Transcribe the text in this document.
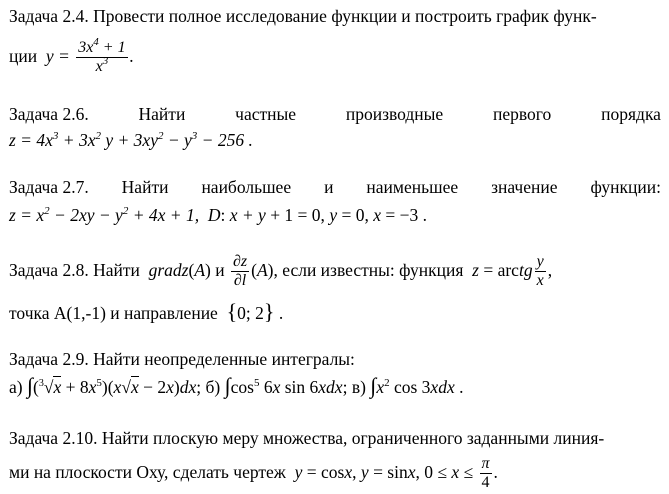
Задача 2.4. Провести полное исследование функции и построить график функ-
ции  $y = \frac{3x^4 + 1}{x^3}$ .
Задача 2.6.	Найти	частные	производные	первого	порядка
$z = 4x^3 + 3x^2$ $y + 3xy^2 - y^3 - 256$ .
Задача 2.7. Найти наибольшее и наименьшее значение функции:
$z = x^2 - 2xy - y^2 + 4x + 1$,  D: x + y + 1 = 0, y = 0, x = −3 .
Задача 2.8. Найти  gradz(A) и $\frac{\partial z}{\partial l} (A)$, если известны: функция  z = arctg $\frac{y}{x}$ ,
точка А(1,-1) и направление {0; 2} .
Задача 2.9. Найти неопределенные интегралы:
а) $\int(^3√x + 8x^5)(x√x - 2x)dx$; б) $\int\cos^5$ 6x sin 6xdx; в) $\int x^2$ cos 3xdx .
Задача 2.10. Найти плоскую меру множества, ограниченного заданными линия-
ми на плоскости Оху, сделать чертеж  y = cosx, y = sinx, $0 \le x \le \frac{\pi}{4}$ .
